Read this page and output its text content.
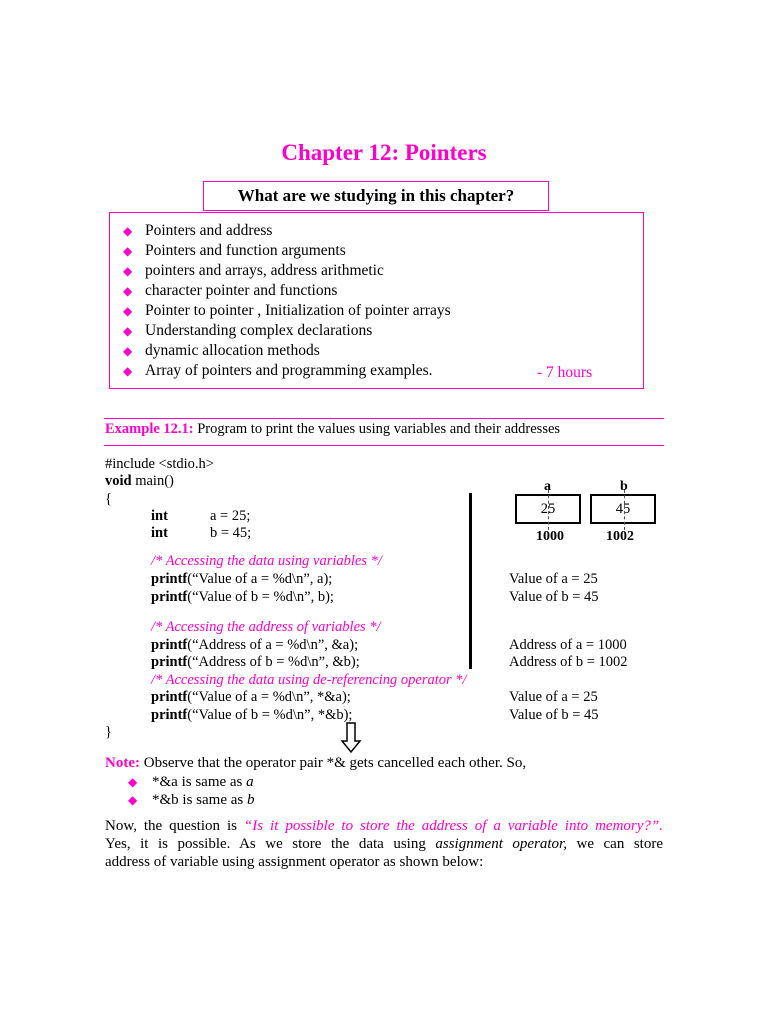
Chapter 12: Pointers
What are we studying in this chapter?
◆ Pointers and address
◆ Pointers and function arguments
◆ pointers and arrays, address arithmetic
◆ character pointer and functions
◆ Pointer to pointer , Initialization of pointer arrays
◆ Understanding complex declarations
◆ dynamic allocation methods
◆ Array of pointers and programming examples.	- 7 hours
Example 12.1: Program to print the values using variables and their addresses
#include <stdio.h>
void main()
{
int	a = 25;
int	b = 45;
/* Accessing the data using variables */
printf(“Value of a = %d\n”, a);
printf(“Value of b = %d\n”, b);
/* Accessing the address of variables */
printf(“Address of a = %d\n”, &a);
printf(“Address of b = %d\n”, &b);
/* Accessing the data using de-referencing operator */
printf(“Value of a = %d\n”, *&a);
printf(“Value of b = %d\n”, *&b);
}
a	b
25	45
1000	1002
Value of a = 25
Value of b = 45
Address of a = 1000
Address of b = 1002
Value of a = 25
Value of b = 45
Note: Observe that the operator pair *& gets cancelled each other. So,
◆ *&a is same as a
◆ *&b is same as b
Now, the question is “Is it possible to store the address of a variable into memory?”.
Yes, it is possible. As we store the data using assignment operator, we can store
address of variable using assignment operator as shown below:
